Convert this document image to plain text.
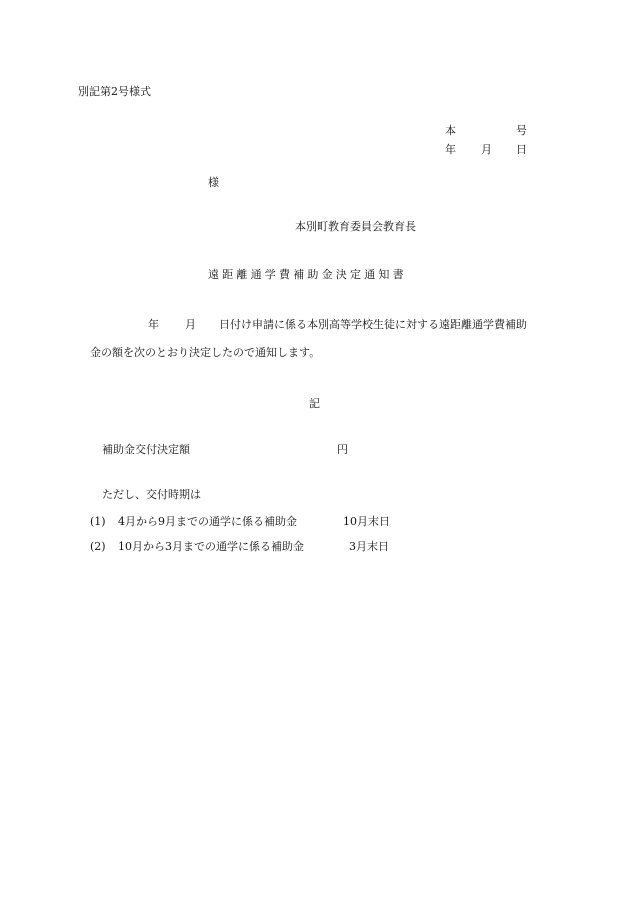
別記第2号様式
本	号
年 月 日
様
本別町教育委員会教育長
遠距離通学費補助金決定通知書
年 月 日付け申請に係る本別高等学校生徒に対する遠距離通学費補助
金の額を次のとおり決定したので通知します。
記
補助金交付決定額	円
ただし、交付時期は
(1) 4月から9月までの通学に係る補助金	10月末日
(2) 10月から3月までの通学に係る補助金	3月末日
